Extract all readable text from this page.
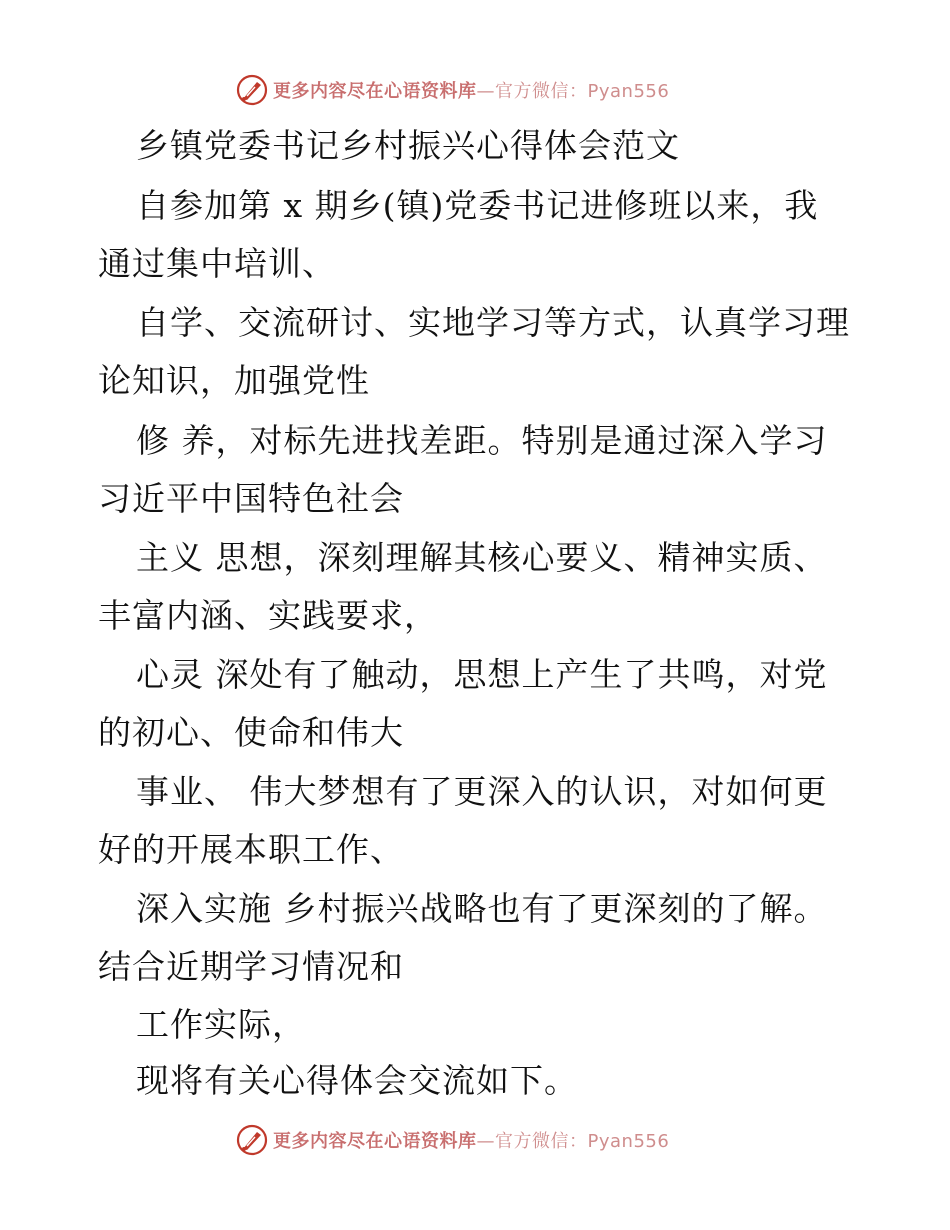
更多内容尽在心语资料库—官方微信：Pyan556
乡镇党委书记乡村振兴心得体会范文
自参加第 x 期乡(镇)党委书记进修班以来，我
通过集中培训、
自学、交流研讨、实地学习等方式，认真学习理
论知识，加强党性
修 养，对标先进找差距。特别是通过深入学习
习近平中国特色社会
主义 思想，深刻理解其核心要义、精神实质、
丰富内涵、实践要求，
心灵 深处有了触动，思想上产生了共鸣，对党
的初心、使命和伟大
事业、 伟大梦想有了更深入的认识，对如何更
好的开展本职工作、
深入实施 乡村振兴战略也有了更深刻的了解。
结合近期学习情况和
工作实际，
现将有关心得体会交流如下。
更多内容尽在心语资料库—官方微信：Pyan556
